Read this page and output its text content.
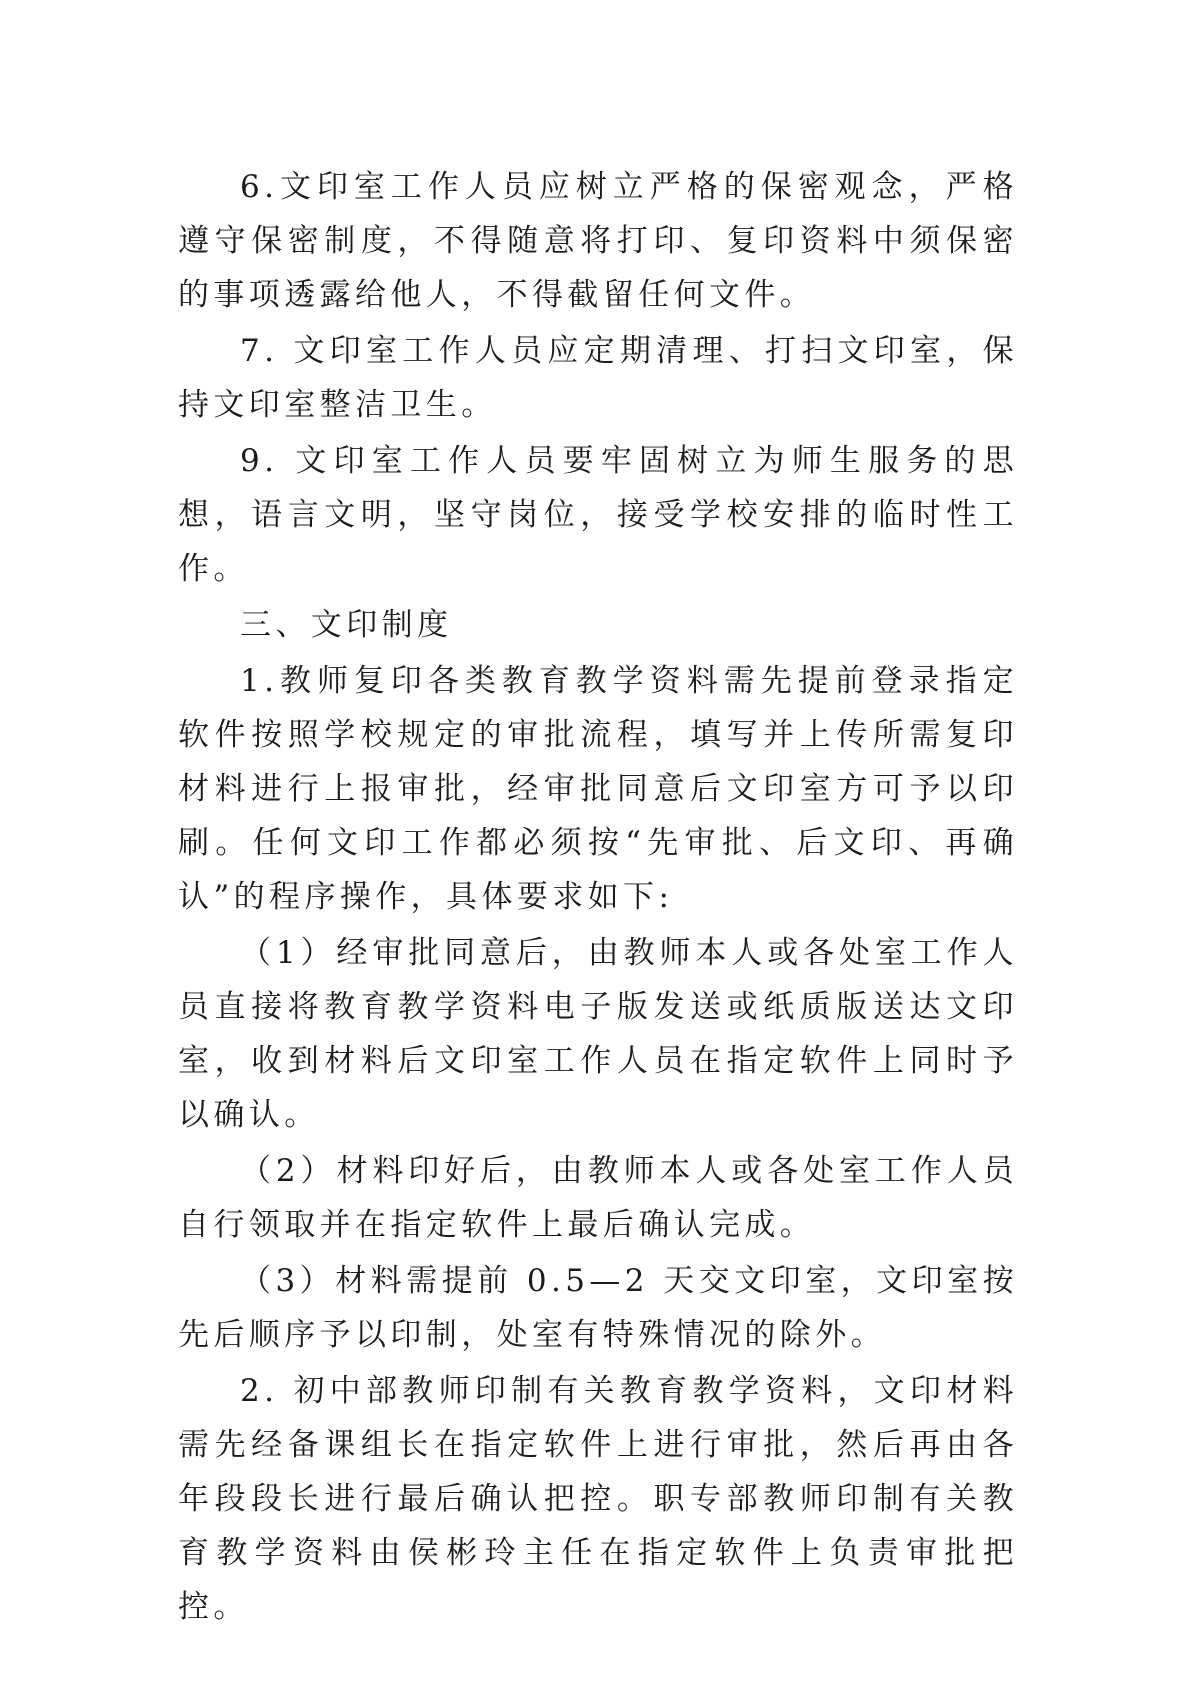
6.文印室工作人员应树立严格的保密观念，严格遵守保密制度，不得随意将打印、复印资料中须保密的事项透露给他人，不得截留任何文件。

7. 文印室工作人员应定期清理、打扫文印室，保持文印室整洁卫生。

9. 文印室工作人员要牢固树立为师生服务的思想，语言文明，坚守岗位，接受学校安排的临时性工作。

三、文印制度

1.教师复印各类教育教学资料需先提前登录指定软件按照学校规定的审批流程，填写并上传所需复印材料进行上报审批，经审批同意后文印室方可予以印刷。任何文印工作都必须按“先审批、后文印、再确认”的程序操作，具体要求如下:

（1）经审批同意后，由教师本人或各处室工作人员直接将教育教学资料电子版发送或纸质版送达文印室，收到材料后文印室工作人员在指定软件上同时予以确认。

（2）材料印好后，由教师本人或各处室工作人员自行领取并在指定软件上最后确认完成。

（3）材料需提前 0.5—2 天交文印室，文印室按先后顺序予以印制，处室有特殊情况的除外。

2. 初中部教师印制有关教育教学资料，文印材料需先经备课组长在指定软件上进行审批，然后再由各年段段长进行最后确认把控。职专部教师印制有关教育教学资料由侯彬玲主任在指定软件上负责审批把控。
